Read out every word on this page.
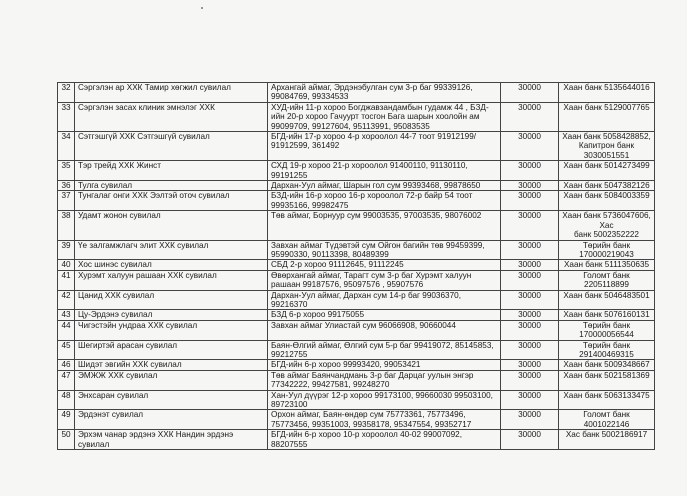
32	Сэргэлэн ар ХХК Тамир хөгжил сувилал	Архангай аймаг, Эрдэнэбулган сум 3-р баг 99339126, 99084769, 99334533	30000	Хаан банк 5135644016

33	Сэргэлэн засах клиник эмнэлэг ХХК	ХУД-ийн 11-р хороо Богджавзандамбын гудамж 44 , БЗД-ийн 20-р хороо Гачуурт тосгон Бага шарын хоолойн ам 99099709, 99127604, 95113991, 95083535	30000	Хаан банк 5129007765

34	Сэтгэшгүй ХХК Сэтгэшгүй сувилал	БГД-ийн 17-р хороо 4-р хороолол 44-7 тоот 91912199/ 91912599, 361492	30000	Хаан банк 5058428852,
Капитрон банк 3030051551

35	Тэр трейд ХХК Жинст	СХД 19-р хороо 21-р хороолол 91400110, 91130110, 99191255	30000	Хаан банк 5014273499

36	Тулга сувилал	Дархан-Уул аймаг, Шарын гол сум 99393468, 99878650	30000	Хаан банк 5047382126

37	Тунгалаг онги ХХК Ээлтэй оточ сувилал	БЗД-ийн 16-р хороо 16-р хороолол 72-р байр 54 тоот 99935166, 99982475	30000	Хаан банк 5084003359

38	Удамт жонон сувилал	Төв аймаг, Борнуур сум 99003535, 97003535, 98076002	30000	Хаан банк 5736047606, Хас
банк 5002352222

39	Үе залгамжлагч элит ХХК сувилал	Завхан аймаг Түдэвтэй сум Ойгон багийн төв 99459399, 95990330, 90113398, 80489399	30000	Төрийн банк 170000219043

40	Хос шинэс сувилал	СБД 2-р хороо 91112645, 91112245	30000	Хаан банк 5111350635

41	Хурэмт халуун рашаан ХХК сувилал	Өвөрхангай аймаг, Тарагт сум 3-р баг Хурэмт халуун рашаан 99187576, 95097576 , 95907576	30000	Голомт банк 2205118899

42	Цанид ХХК сувилал	Дархан-Уул аймаг, Дархан сум 14-р баг 99036370, 99216370	30000	Хаан банк 5046483501

43	Цу-Эрдэнэ сувилал	БЗД 6-р хороо 99175055	30000	Хаан банк 5076160131

44	Чигэстэйн ундраа ХХК сувилал	Завхан аймаг Улиастай сум 96066908, 90660044	30000	Төрийн банк 170000056544

45	Шегиртэй арасан сувилал	Баян-Өлгий аймаг, Өлгий сум 5-р баг 99419072, 85145853, 99212755	30000	Төрийн банк 291400469315

46	Шидэт эвгийн ХХК сувилал	БГД-ийн 6-р хороо 99993420, 99053421	30000	Хаан банк 5009348667

47	ЭМЖЖ ХХК сувилал	Төв аймаг Баянчандмань 3-р баг Дарцаг уулын энгэр 77342222, 99427581, 99248270	30000	Хаан банк 5021581369

48	Энхсаран сувилал	Хан-Уул дүүрэг 12-р хороо 99173100, 99660030 99503100, 89723100	30000	Хаан банк 5063133475

49	Эрдэнэт сувилал	Орхон аймаг, Баян-өндөр сум 75773361, 75773496, 75773456, 99351003, 99358178, 95347554, 99352717	30000	Голомт банк 4001022146

50	Эрхэм чанар эрдэнэ ХХК Нандин эрдэнэ сувилал	БГД-ийн 6-р хороо 10-р хороолол 40-02 99007092, 88207555	30000	Хас банк 5002186917
